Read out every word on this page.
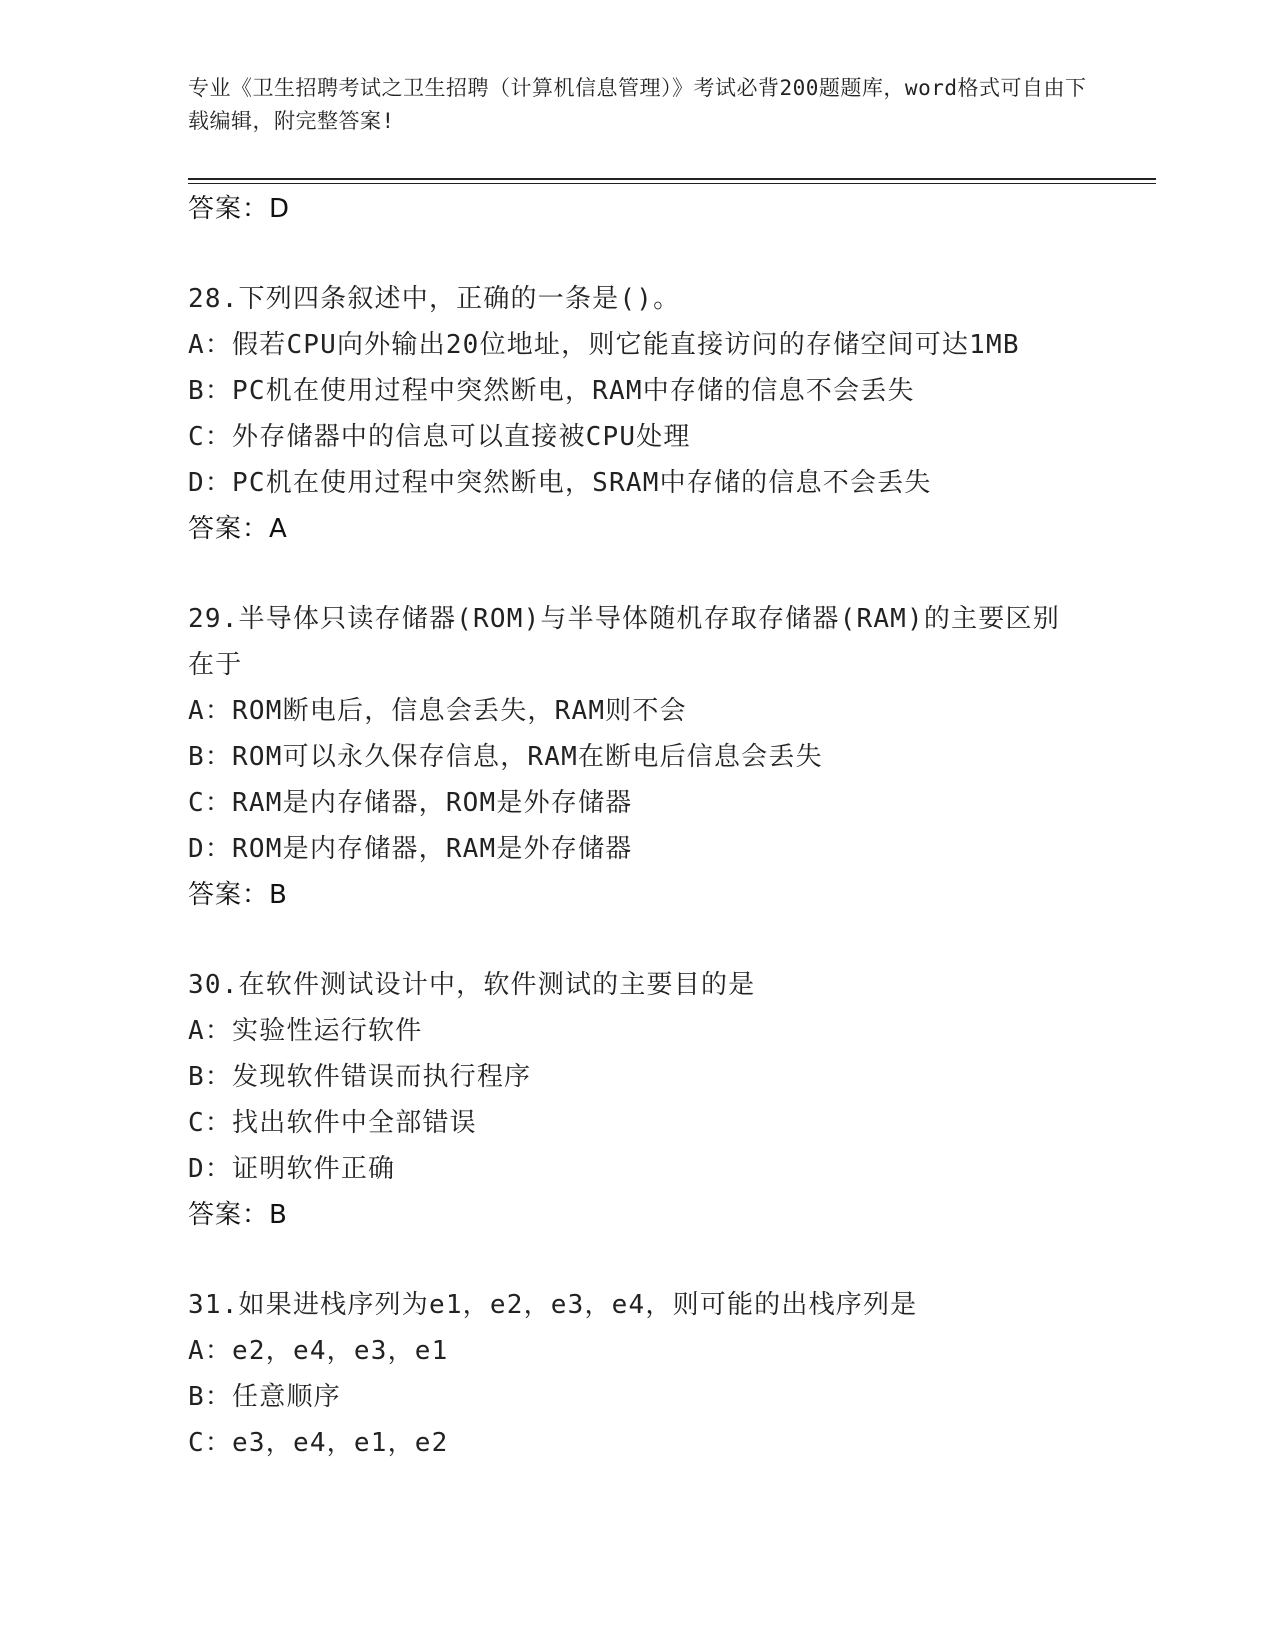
专业《卫生招聘考试之卫生招聘（计算机信息管理）》考试必背200题题库，word格式可自由下载编辑，附完整答案!
答案：D
28.下列四条叙述中，正确的一条是()。
A：假若CPU向外输出20位地址，则它能直接访问的存储空间可达1MB
B：PC机在使用过程中突然断电，RAM中存储的信息不会丢失
C：外存储器中的信息可以直接被CPU处理
D：PC机在使用过程中突然断电，SRAM中存储的信息不会丢失
答案：A
29.半导体只读存储器(ROM)与半导体随机存取存储器(RAM)的主要区别在于
A：ROM断电后，信息会丢失，RAM则不会
B：ROM可以永久保存信息，RAM在断电后信息会丢失
C：RAM是内存储器，ROM是外存储器
D：ROM是内存储器，RAM是外存储器
答案：B
30.在软件测试设计中，软件测试的主要目的是
A：实验性运行软件
B：发现软件错误而执行程序
C：找出软件中全部错误
D：证明软件正确
答案：B
31.如果进栈序列为e1，e2，e3，e4，则可能的出栈序列是
A：e2，e4，e3，e1
B：任意顺序
C：e3，e4，e1，e2
